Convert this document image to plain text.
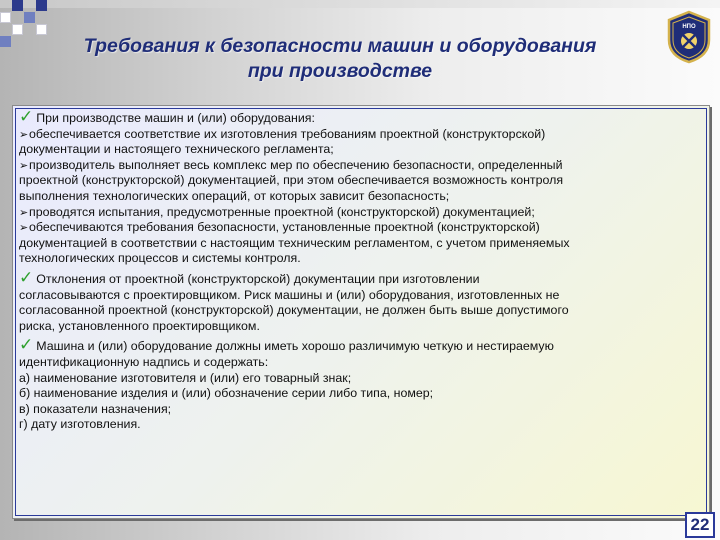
Требования к безопасности машин и оборудования
при производстве
НПО
✓ При производстве машин и (или) оборудования:
➢обеспечивается соответствие их изготовления требованиям проектной (конструкторской)
документации и настоящего технического регламента;
➢производитель выполняет весь комплекс мер по обеспечению безопасности, определенный
проектной (конструкторской) документацией, при этом обеспечивается возможность контроля
выполнения технологических операций, от которых зависит безопасность;
➢проводятся испытания, предусмотренные проектной (конструкторской) документацией;
➢обеспечиваются требования безопасности, установленные проектной (конструкторской)
документацией в соответствии с настоящим техническим регламентом, с учетом применяемых
технологических процессов и системы контроля.
✓ Отклонения от проектной (конструкторской) документации при изготовлении
согласовываются с проектировщиком. Риск машины и (или) оборудования, изготовленных не
согласованной проектной (конструкторской) документации, не должен быть выше допустимого
риска, установленного проектировщиком.
✓ Машина и (или) оборудование должны иметь хорошо различимую четкую и нестираемую
идентификационную надпись и содержать:
а) наименование изготовителя и (или) его товарный знак;
б) наименование изделия и (или) обозначение серии либо типа, номер;
в) показатели назначения;
г) дату изготовления.
22
